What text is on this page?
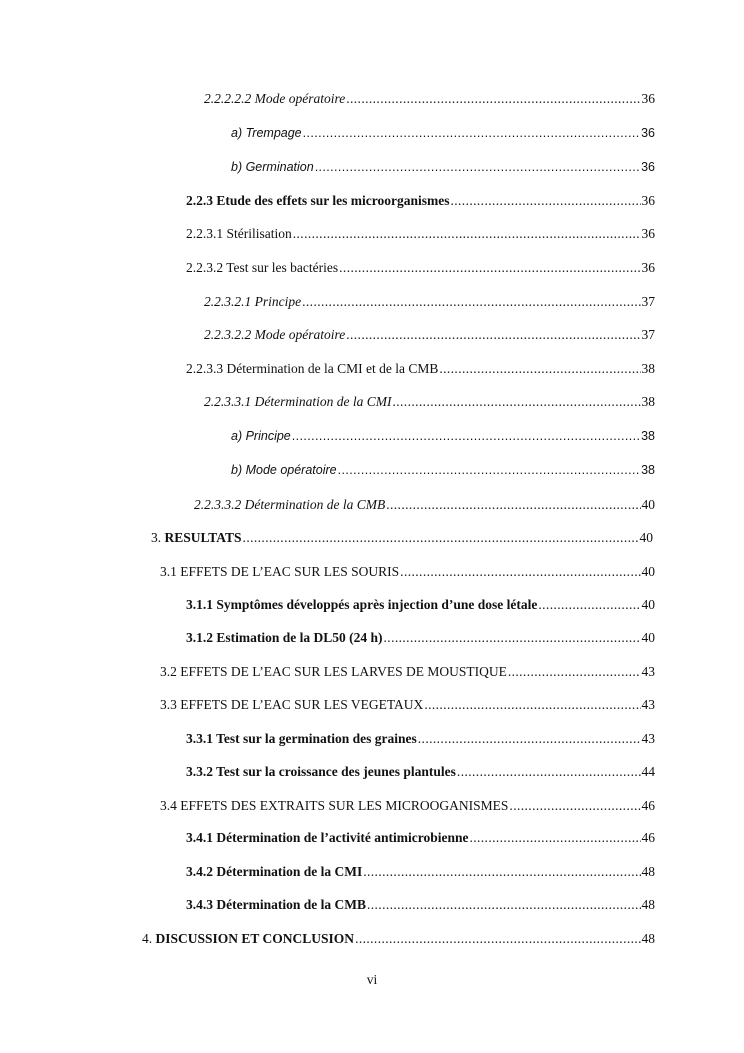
2.2.2.2.2 Mode opératoire .....	36
a) Trempage .....	36
b) Germination .....	36
2.2.3 Etude des effets sur les microorganismes .....	36
2.2.3.1 Stérilisation .....	36
2.2.3.2 Test sur les bactéries .....	36
2.2.3.2.1 Principe .....	37
2.2.3.2.2 Mode opératoire .....	37
2.2.3.3 Détermination de la CMI et de la CMB .....	38
2.2.3.3.1 Détermination de la CMI .....	38
a) Principe .....	38
b) Mode opératoire .....	38
2.2.3.3.2 Détermination de la CMB .....	40
3. RESULTATS .....	40
3.1 EFFETS DE L’EAC SUR LES SOURIS .....	40
3.1.1 Symptômes développés après injection d’une dose létale .....	40
3.1.2 Estimation de la DL50 (24 h) .....	40
3.2 EFFETS DE L’EAC SUR LES LARVES DE MOUSTIQUE .....	43
3.3 EFFETS DE L’EAC SUR LES VEGETAUX .....	43
3.3.1 Test sur la germination des graines .....	43
3.3.2 Test sur la croissance des jeunes plantules .....	44
3.4 EFFETS DES EXTRAITS SUR LES MICROOGANISMES .....	46
3.4.1 Détermination de l’activité antimicrobienne .....	46
3.4.2 Détermination de la CMI .....	48
3.4.3 Détermination de la CMB .....	48
4. DISCUSSION ET CONCLUSION .....	48
vi
